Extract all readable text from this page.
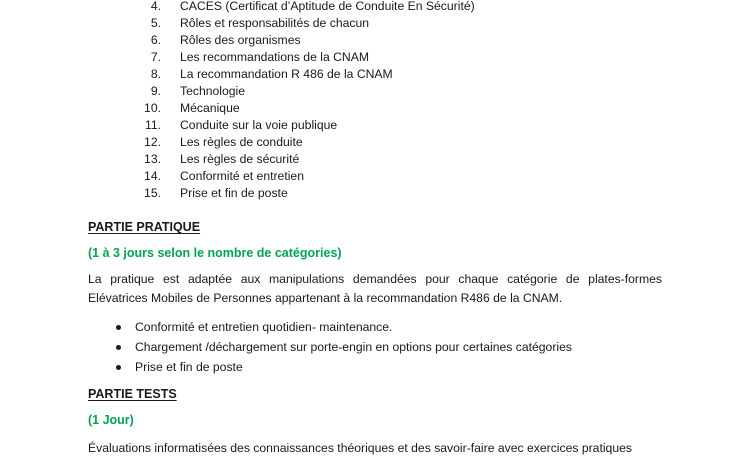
4. CACES (Certificat d’Aptitude de Conduite En Sécurité)
5. Rôles et responsabilités de chacun
6. Rôles des organismes
7. Les recommandations de la CNAM
8. La recommandation R 486 de la CNAM
9. Technologie
10. Mécanique
11. Conduite sur la voie publique
12. Les règles de conduite
13. Les règles de sécurité
14. Conformité et entretien
15. Prise et fin de poste
PARTIE PRATIQUE
(1 à 3 jours selon le nombre de catégories)
La pratique est adaptée aux manipulations demandées pour chaque catégorie de plates-formes
Elévatrices Mobiles de Personnes appartenant à la recommandation R486 de la CNAM.
Conformité et entretien quotidien- maintenance.
Chargement /déchargement sur porte-engin en options pour certaines catégories
Prise et fin de poste
PARTIE TESTS
(1 Jour)
Évaluations informatisées des connaissances théoriques et des savoir-faire avec exercices pratiques
